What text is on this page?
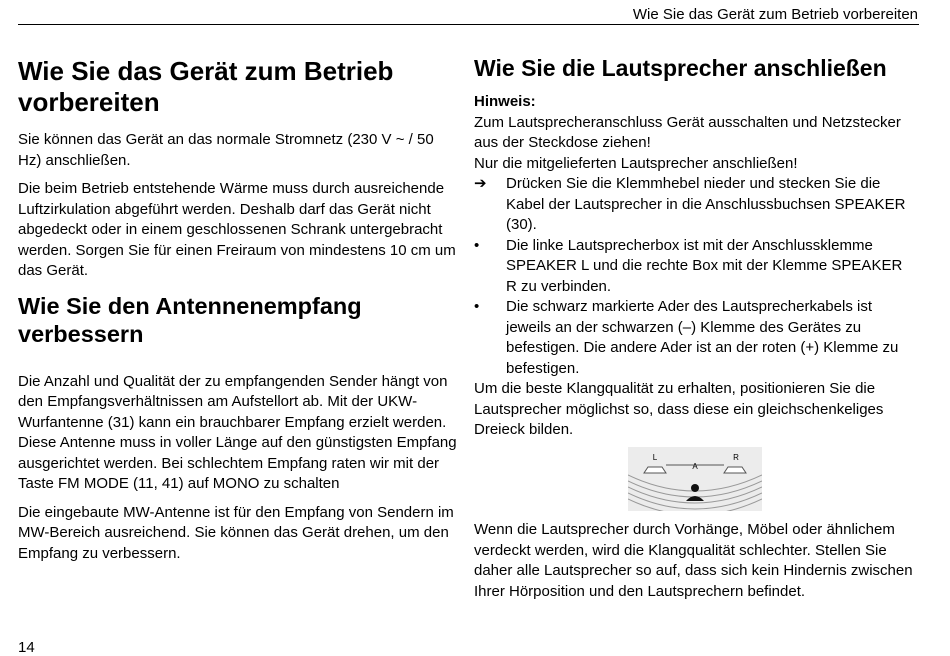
Wie Sie das Gerät zum Betrieb vorbereiten
Wie Sie das Gerät zum Betrieb vorbereiten

Sie können das Gerät an das normale Stromnetz (230 V ~ / 50 Hz) anschließen.

Die beim Betrieb entstehende Wärme muss durch ausreichende Luftzirkulation abgeführt werden. Deshalb darf das Gerät nicht abgedeckt oder in einem geschlossenen Schrank untergebracht werden. Sorgen Sie für einen Freiraum von mindestens 10 cm um das Gerät.

Wie Sie den Antennenempfang verbessern

Die Anzahl und Qualität der zu empfangenden Sender hängt von den Empfangsverhältnissen am Aufstellort ab. Mit der UKW-Wurfantenne (31) kann ein brauchbarer Empfang erzielt werden. Diese Antenne muss in voller Länge auf den günstigsten Empfang ausgerichtet werden. Bei schlechtem Empfang raten wir mit der Taste FM MODE (11, 41) auf MONO zu schalten

Die eingebaute MW-Antenne ist für den Empfang von Sendern im MW-Bereich ausreichend. Sie können das Gerät drehen, um den Empfang zu verbessern.

Wie Sie die Lautsprecher anschließen
Hinweis:

Zum Lautsprecheranschluss Gerät ausschalten und Netzstecker aus der Steckdose ziehen!

Nur die mitgelieferten Lautsprecher anschließen!

➔	Drücken Sie die Klemmhebel nieder und stecken Sie die Kabel der Lautsprecher in die Anschlussbuchsen SPEAKER (30).
•	Die linke Lautsprecherbox ist mit der Anschlussklemme SPEAKER L und die rechte Box mit der Klemme SPEAKER R zu verbinden.
•	Die schwarz markierte Ader des Lautsprecherkabels ist jeweils an der schwarzen (–) Klemme des Gerätes zu befestigen. Die andere Ader ist an der roten (+) Klemme zu befestigen.

Um die beste Klangqualität zu erhalten, positionieren Sie die Lautsprecher möglichst so, dass diese ein gleichschenkeliges Dreieck bilden.

L
A
R

Wenn die Lautsprecher durch Vorhänge, Möbel oder ähnlichem verdeckt werden, wird die Klangqualität schlechter. Stellen Sie daher alle Lautsprecher so auf, dass sich kein Hindernis zwischen Ihrer Hörposition und den Lautsprechern befindet.

14
